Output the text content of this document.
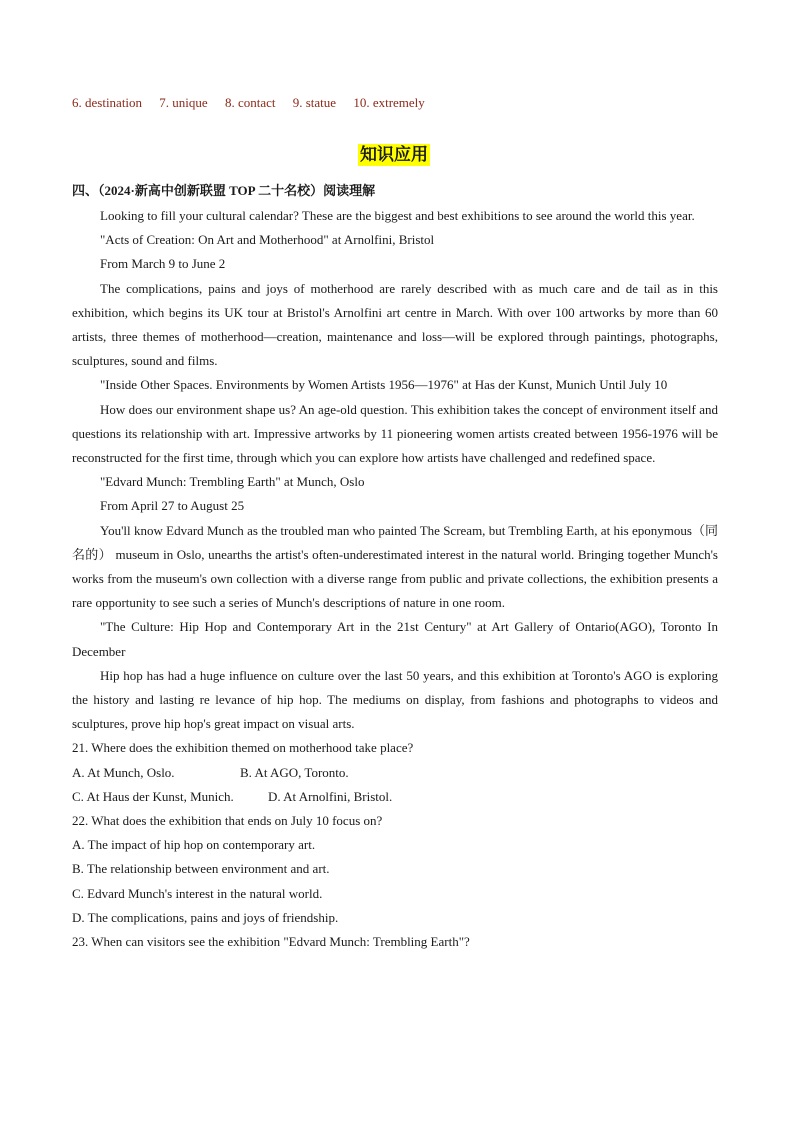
6. destination 7. unique 8. contact 9. statue 10. extremely
知识应用
四、（2024·新高中创新联盟 TOP 二十名校）阅读理解

Looking to fill your cultural calendar? These are the biggest and best exhibitions to see around the world this year.

"Acts of Creation: On Art and Motherhood" at Arnolfini, Bristol

From March 9 to June 2

The complications, pains and joys of motherhood are rarely described with as much care and de tail as in this exhibition, which begins its UK tour at Bristol's Arnolfini art centre in March. With over 100 artworks by more than 60 artists, three themes of motherhood—creation, maintenance and loss—will be explored through paintings, photographs, sculptures, sound and films.

"Inside Other Spaces. Environments by Women Artists 1956—1976" at Has der Kunst, Munich Until July 10

How does our environment shape us? An age-old question. This exhibition takes the concept of environment itself and questions its relationship with art. Impressive artworks by 11 pioneering women artists created between 1956-1976 will be reconstructed for the first time, through which you can explore how artists have challenged and redefined space.

"Edvard Munch: Trembling Earth" at Munch, Oslo

From April 27 to August 25

You'll know Edvard Munch as the troubled man who painted The Scream, but Trembling Earth, at his eponymous（同名的） museum in Oslo, unearths the artist's often-underestimated interest in the natural world. Bringing together Munch's works from the museum's own collection with a diverse range from public and private collections, the exhibition presents a rare opportunity to see such a series of Munch's descriptions of nature in one room.

"The Culture: Hip Hop and Contemporary Art in the 21st Century" at Art Gallery of Ontario(AGO), Toronto In December

Hip hop has had a huge influence on culture over the last 50 years, and this exhibition at Toronto's AGO is exploring the history and lasting re levance of hip hop. The mediums on display, from fashions and photographs to videos and sculptures, prove hip hop's great impact on visual arts.

21. Where does the exhibition themed on motherhood take place?

A. At Munch, Oslo.	B. At AGO, Toronto.

C. At Haus der Kunst, Munich.	D. At Arnolfini, Bristol.

22. What does the exhibition that ends on July 10 focus on?

A. The impact of hip hop on contemporary art.

B. The relationship between environment and art.

C. Edvard Munch's interest in the natural world.

D. The complications, pains and joys of friendship.

23. When can visitors see the exhibition "Edvard Munch: Trembling Earth"?
